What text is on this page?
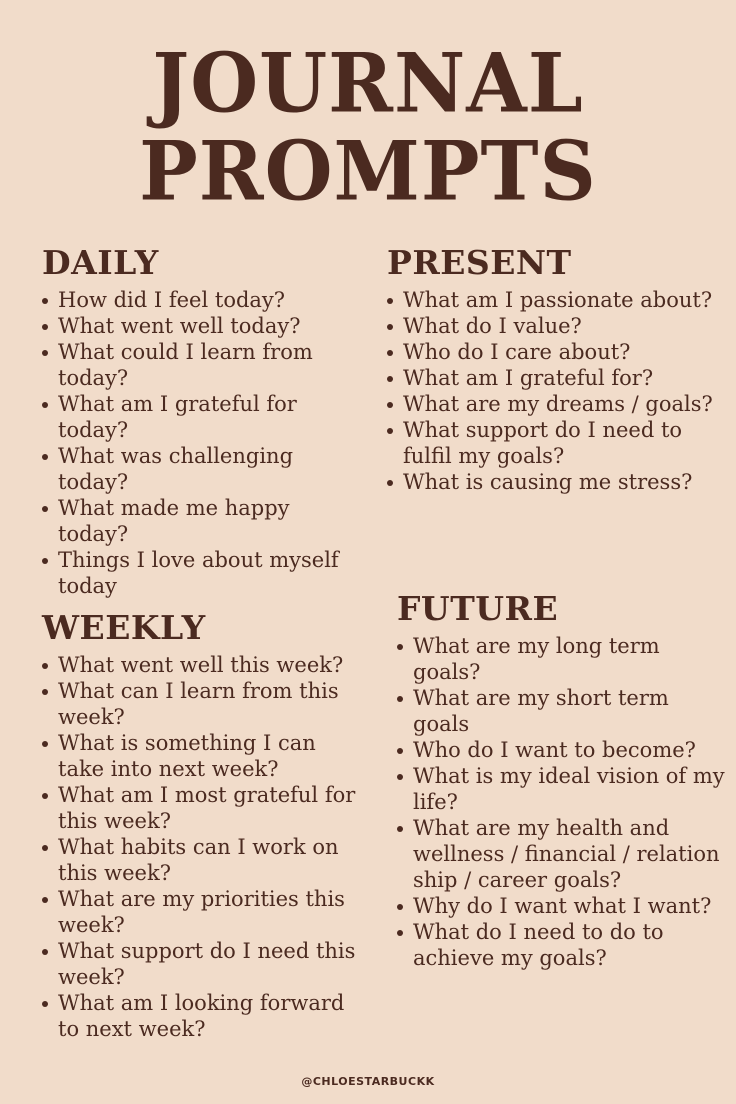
JOURNAL
PROMPTS
DAILY
How did I feel today?
What went well today?
What could I learn from today?
What am I grateful for today?
What was challenging today?
What made me happy today?
Things I love about myself today
WEEKLY
What went well this week?
What can I learn from this week?
What is something I can take into next week?
What am I most grateful for this week?
What habits can I work on this week?
What are my priorities this week?
What support do I need this week?
What am I looking forward to next week?
PRESENT
What am I passionate about?
What do I value?
Who do I care about?
What am I grateful for?
What are my dreams / goals?
What support do I need to fulfil my goals?
What is causing me stress?
FUTURE
What are my long term goals?
What are my short term goals
Who do I want to become?
What is my ideal vision of my life?
What are my health and wellness / financial / relation ship / career goals?
Why do I want what I want?
What do I need to do to achieve my goals?
@CHLOESTARBUCKK
